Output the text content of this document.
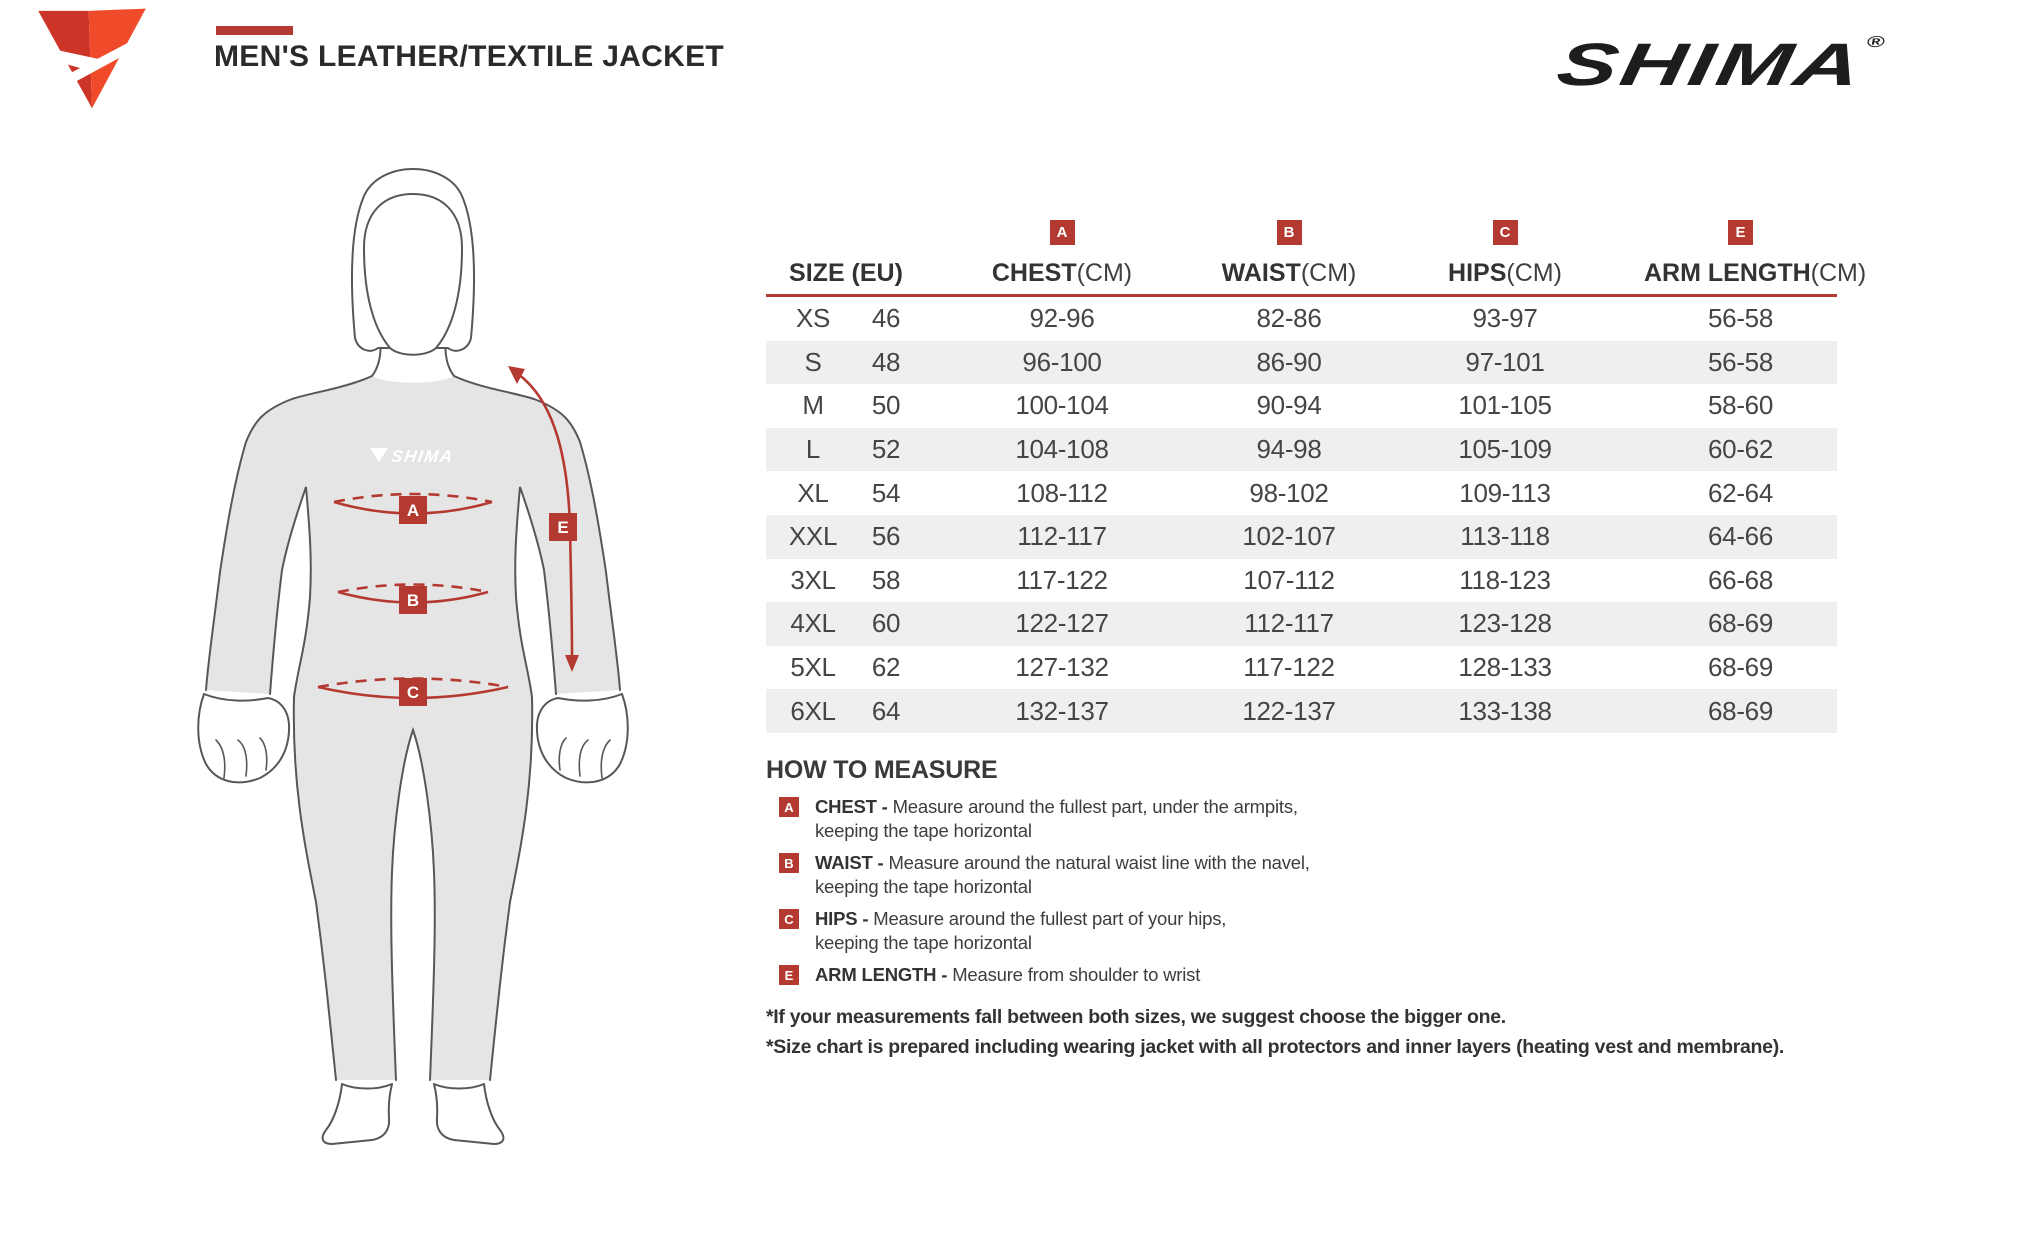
MEN'S LEATHER/TEXTILE JACKET	SHIMA®
SHIMA
A
B
C
E
A	B	C	E
SIZE (EU)	CHEST(CM)	WAIST(CM)	HIPS(CM)	ARM LENGTH(CM)
XS	46	92-96	82-86	93-97	56-58
S	48	96-100	86-90	97-101	56-58
M	50	100-104	90-94	101-105	58-60
L	52	104-108	94-98	105-109	60-62
XL	54	108-112	98-102	109-113	62-64
XXL	56	112-117	102-107	113-118	64-66
3XL	58	117-122	107-112	118-123	66-68
4XL	60	122-127	112-117	123-128	68-69
5XL	62	127-132	117-122	128-133	68-69
6XL	64	132-137	122-137	133-138	68-69
HOW TO MEASURE
A CHEST - Measure around the fullest part, under the armpits,
keeping the tape horizontal
B WAIST - Measure around the natural waist line with the navel,
keeping the tape horizontal
C HIPS - Measure around the fullest part of your hips,
keeping the tape horizontal
E	ARM LENGTH - Measure from shoulder to wrist
*If your measurements fall between both sizes, we suggest choose the bigger one.
*Size chart is prepared including wearing jacket with all protectors and inner layers (heating vest and membrane).
